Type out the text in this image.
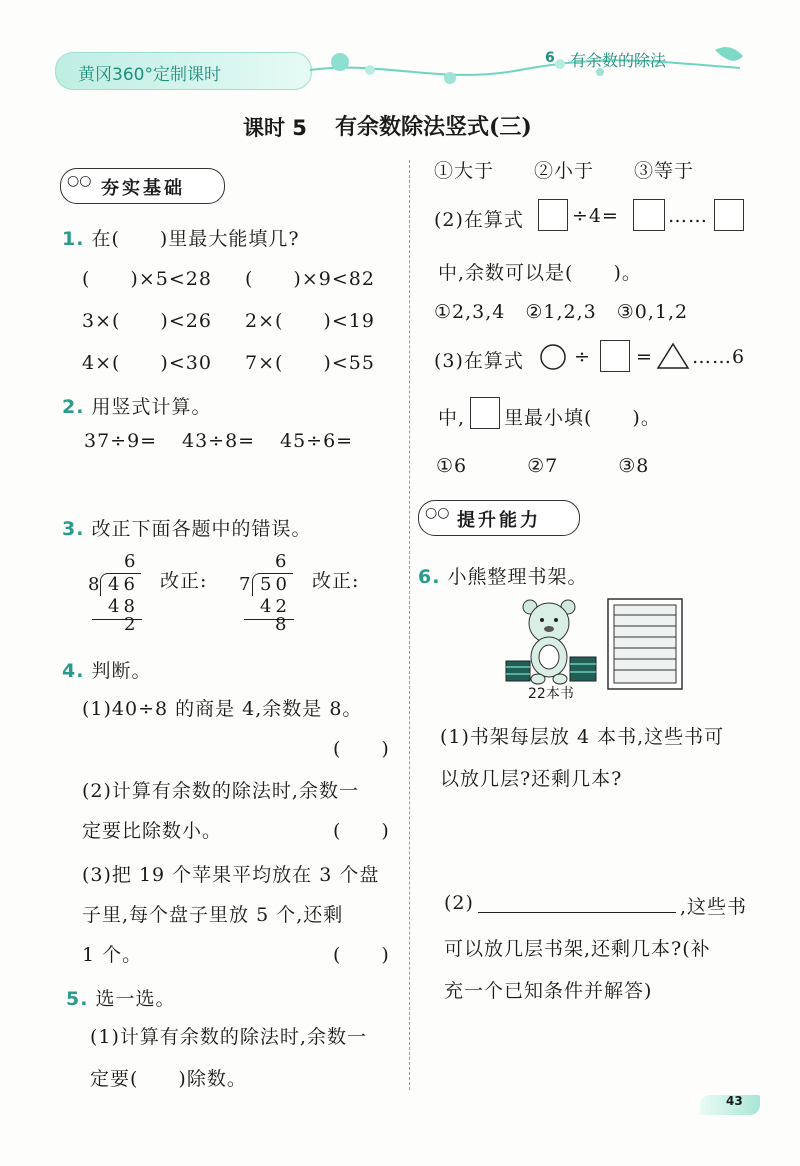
黄冈360°定制课时
6 有余数的除法
课时 5 有余数除法竖式(三)
○○ 夯实基础
1. 在(　　)里最大能填几?
(　　)×5<28 (　　)×9<82
3×(　　)<26 2×(　　)<19
4×(　　)<30 7×(　　)<55
2. 用竖式计算。
37÷9= 43÷8= 45÷6=
3. 改正下面各题中的错误。
6
8 46
48
2
改正:
6
7 50
42
8
改正:
4. 判断。
(1)40÷8 的商是 4,余数是 8。
(　　)
(2)计算有余数的除法时,余数一
定要比除数小。	(　　)
(3)把 19 个苹果平均放在 3 个盘
子里,每个盘子里放 5 个,还剩
1 个。	(　　)
5. 选一选。
(1)计算有余数的除法时,余数一
定要(　　)除数。
①大于　　②小于　　③等于
(2)在算式	÷4=	……
中,余数可以是(　　)。
①2,3,4　②1,2,3　③0,1,2
(3)在算式	÷ = ……6
中, 里最小填(　　)。
①6　　　②7　　　③8
○○ 提升能力
6. 小熊整理书架。
22本书
(1)书架每层放 4 本书,这些书可
以放几层?还剩几本?
(2)	,这些书
可以放几层书架,还剩几本?(补
充一个已知条件并解答)
43
